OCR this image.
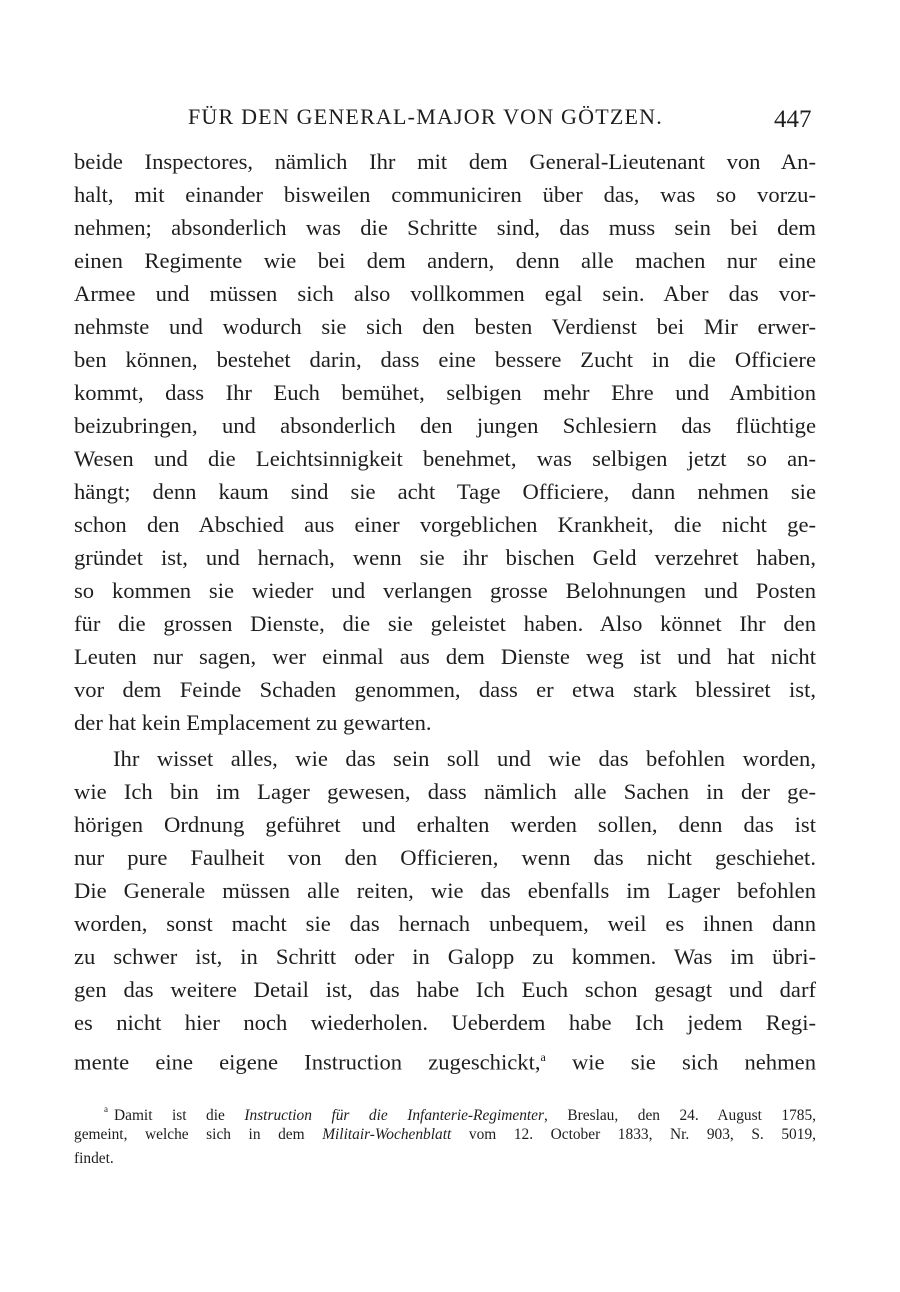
FÜR DEN GENERAL-MAJOR VON GÖTZEN.	447
beide Inspectores, nämlich Ihr mit dem General-Lieutenant von An-
halt, mit einander bisweilen communiciren über das, was so vorzu-
nehmen; absonderlich was die Schritte sind, das muss sein bei dem
einen Regimente wie bei dem andern, denn alle machen nur eine
Armee und müssen sich also vollkommen egal sein. Aber das vor-
nehmste und wodurch sie sich den besten Verdienst bei Mir erwer-
ben können, bestehet darin, dass eine bessere Zucht in die Officiere
kommt, dass Ihr Euch bemühet, selbigen mehr Ehre und Ambition
beizubringen, und absonderlich den jungen Schlesiern das flüchtige
Wesen und die Leichtsinnigkeit benehmet, was selbigen jetzt so an-
hängt; denn kaum sind sie acht Tage Officiere, dann nehmen sie
schon den Abschied aus einer vorgeblichen Krankheit, die nicht ge-
gründet ist, und hernach, wenn sie ihr bischen Geld verzehret haben,
so kommen sie wieder und verlangen grosse Belohnungen und Posten
für die grossen Dienste, die sie geleistet haben. Also könnet Ihr den
Leuten nur sagen, wer einmal aus dem Dienste weg ist und hat nicht
vor dem Feinde Schaden genommen, dass er etwa stark blessiret ist,
der hat kein Emplacement zu gewarten.
Ihr wisset alles, wie das sein soll und wie das befohlen worden,
wie Ich bin im Lager gewesen, dass nämlich alle Sachen in der ge-
hörigen Ordnung geführet und erhalten werden sollen, denn das ist
nur pure Faulheit von den Officieren, wenn das nicht geschiehet.
Die Generale müssen alle reiten, wie das ebenfalls im Lager befohlen
worden, sonst macht sie das hernach unbequem, weil es ihnen dann
zu schwer ist, in Schritt oder in Galopp zu kommen. Was im übri-
gen das weitere Detail ist, das habe Ich Euch schon gesagt und darf
es nicht hier noch wiederholen. Ueberdem habe Ich jedem Regi-
mente eine eigene Instruction zugeschickt,$^a$ wie sie sich nehmen
$^a$ Damit ist die Instruction für die Infanterie-Regimenter, Breslau, den 24. August 1785,
gemeint, welche sich in dem Militair-Wochenblatt vom 12. October 1833, Nr. 903, S. 5019,
findet.
